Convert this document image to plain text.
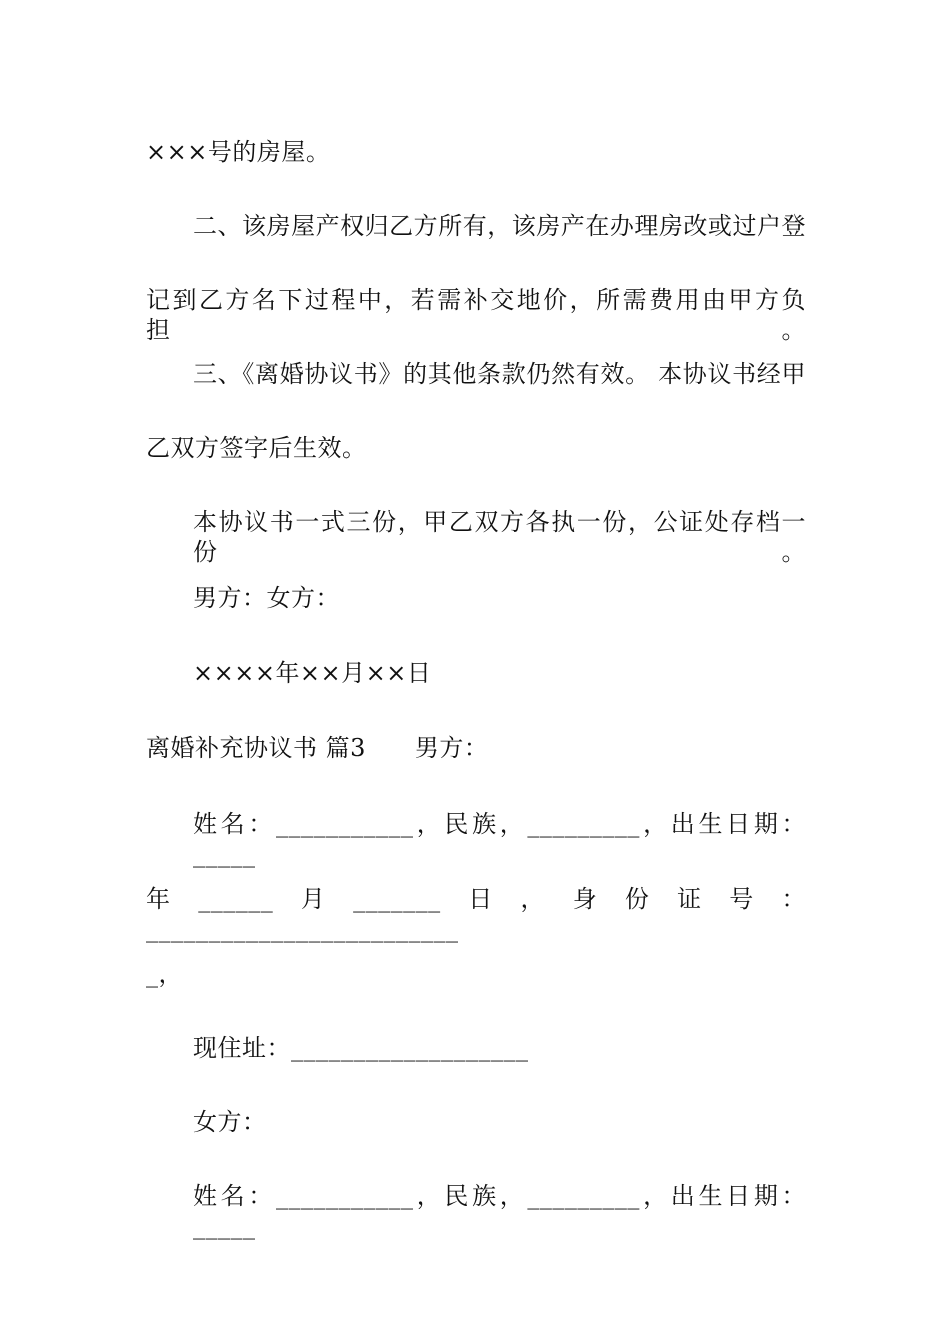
×××号的房屋。
二、该房屋产权归乙方所有，该房产在办理房改或过户登
记到乙方名下过程中，若需补交地价，所需费用由甲方负担。
三、《离婚协议书》的其他条款仍然有效。 本协议书经甲
乙双方签字后生效。
本协议书一式三份，甲乙双方各执一份，公证处存档一份。
男方：女方：
××××年××月××日
离婚补充协议书 篇3　　男方：
姓名：___________，民族，_________，出生日期：_____
年______月_______日，身份证号：_________________________
_，
现住址：___________________
女方：
姓名：___________，民族，_________，出生日期：_____
